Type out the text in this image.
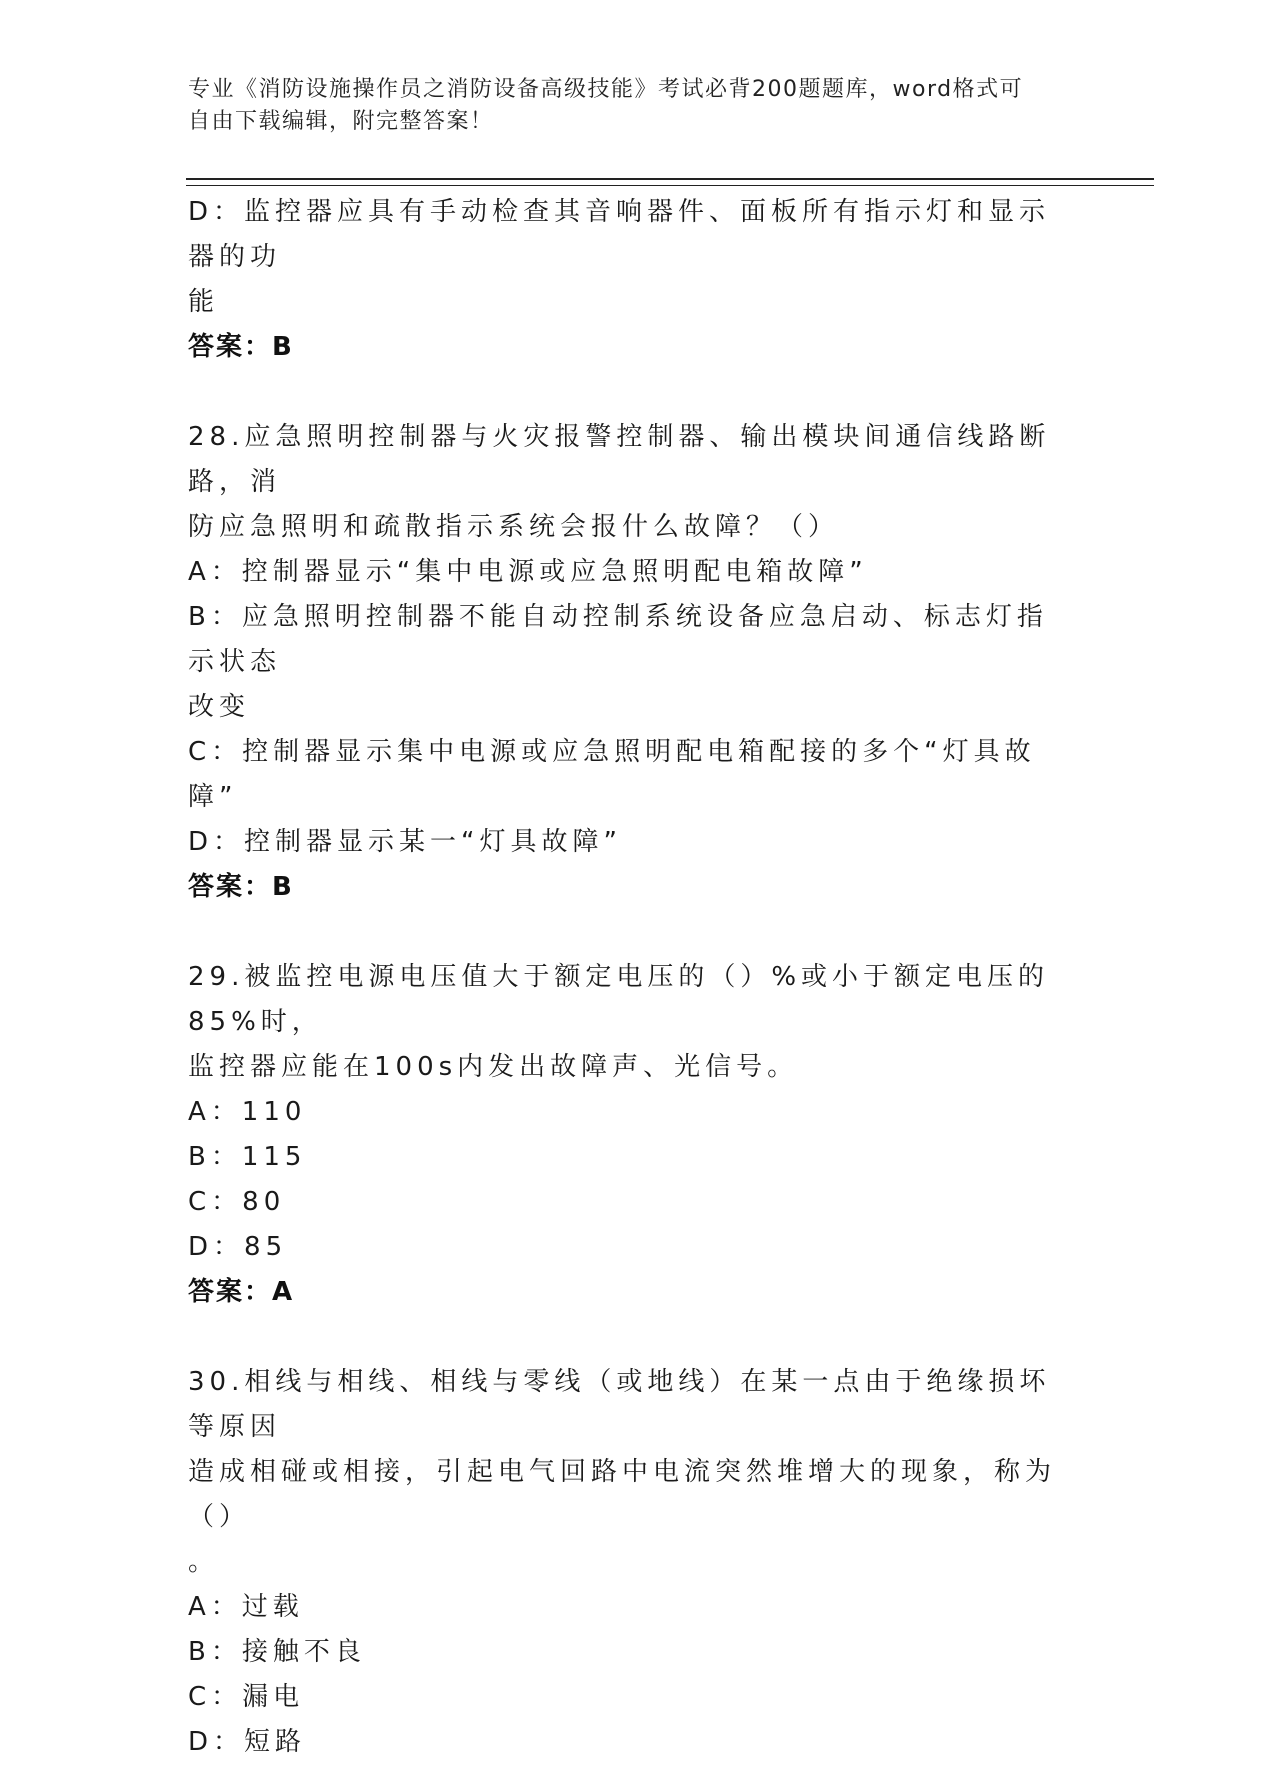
专业《消防设施操作员之消防设备高级技能》考试必背200题题库，word格式可
自由下载编辑，附完整答案！
D：监控器应具有手动检查其音响器件、面板所有指示灯和显示器的功
能
答案：B
28.应急照明控制器与火灾报警控制器、输出模块间通信线路断路，消
防应急照明和疏散指示系统会报什么故障？（）
A：控制器显示“集中电源或应急照明配电箱故障”
B：应急照明控制器不能自动控制系统设备应急启动、标志灯指示状态
改变
C：控制器显示集中电源或应急照明配电箱配接的多个“灯具故障”
D：控制器显示某一“灯具故障”
答案：B
29.被监控电源电压值大于额定电压的（）%或小于额定电压的85%时，
监控器应能在100s内发出故障声、光信号。
A：110
B：115
C：80
D：85
答案：A
30.相线与相线、相线与零线（或地线）在某一点由于绝缘损坏等原因
造成相碰或相接，引起电气回路中电流突然堆增大的现象，称为（）
。
A：过载
B：接触不良
C：漏电
D：短路
